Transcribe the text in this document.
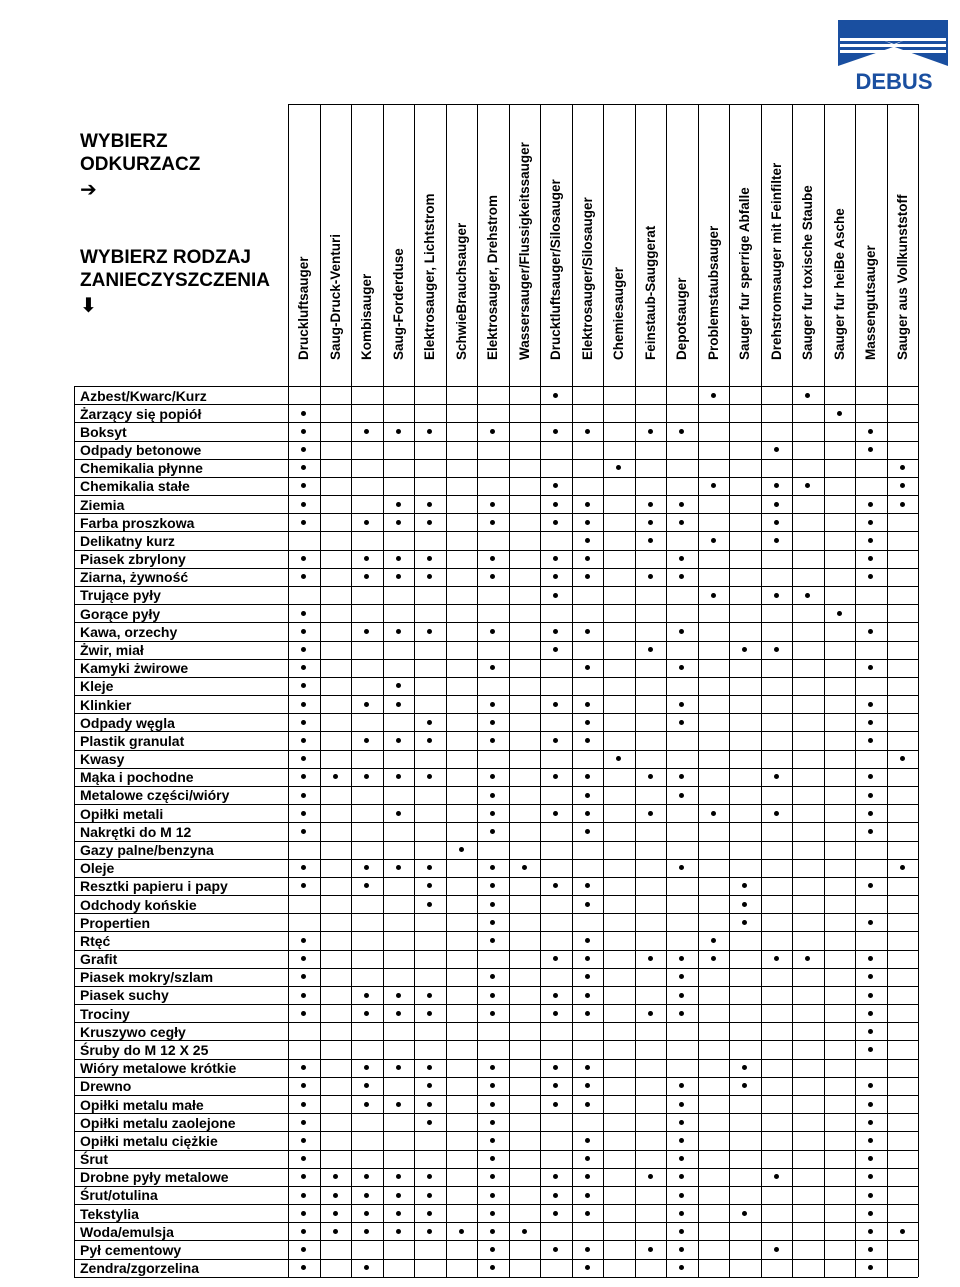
DEBUS
WYBIERZ ODKURZACZ
➔
WYBIERZ RODZAJ ZANIECZYSZCZENIA
⬇	Druckluftsauger Saug-Druck-Venturi Kombisauger Saug-Forderduse Elektrosauger, Lichtstrom SchwieBrauchsauger Elektrosauger, Drehstrom Wassersauger/Flussigkeitssauger Drucktluftsauger/Silosauger Elektrosauger/Silosauger Chemiesauger Feinstaub-Sauggerat Depotsauger Problemstaubsauger Sauger fur sperrige Abfalle Drehstromsauger mit Feinfilter Sauger fur toxische Staube Sauger fur heiBe Asche Massengutsauger Sauger aus Vollkunststoff
Azbest/Kwarc/Kurz
Żarzący się popiół
Boksyt
Odpady betonowe
Chemikalia płynne
Chemikalia stałe
Ziemia
Farba proszkowa
Delikatny kurz
Piasek zbrylony
Ziarna, żywność
Trujące pyły
Gorące pyły
Kawa, orzechy
Żwir, miał
Kamyki żwirowe
Kleje
Klinkier
Odpady węgla
Plastik granulat
Kwasy
Mąka i pochodne
Metalowe części/wióry
Opiłki metali
Nakrętki do M 12
Gazy palne/benzyna
Oleje
Resztki papieru i papy
Odchody końskie
Propertien
Rtęć
Grafit
Piasek mokry/szlam
Piasek suchy
Trociny
Kruszywo cegły
Śruby do M 12 X 25
Wióry metalowe krótkie
Drewno
Opiłki metalu małe
Opiłki metalu zaolejone
Opiłki metalu ciężkie
Śrut
Drobne pyły metalowe
Śrut/otulina
Tekstylia
Woda/emulsja
Pył cementowy
Zendra/zgorzelina
